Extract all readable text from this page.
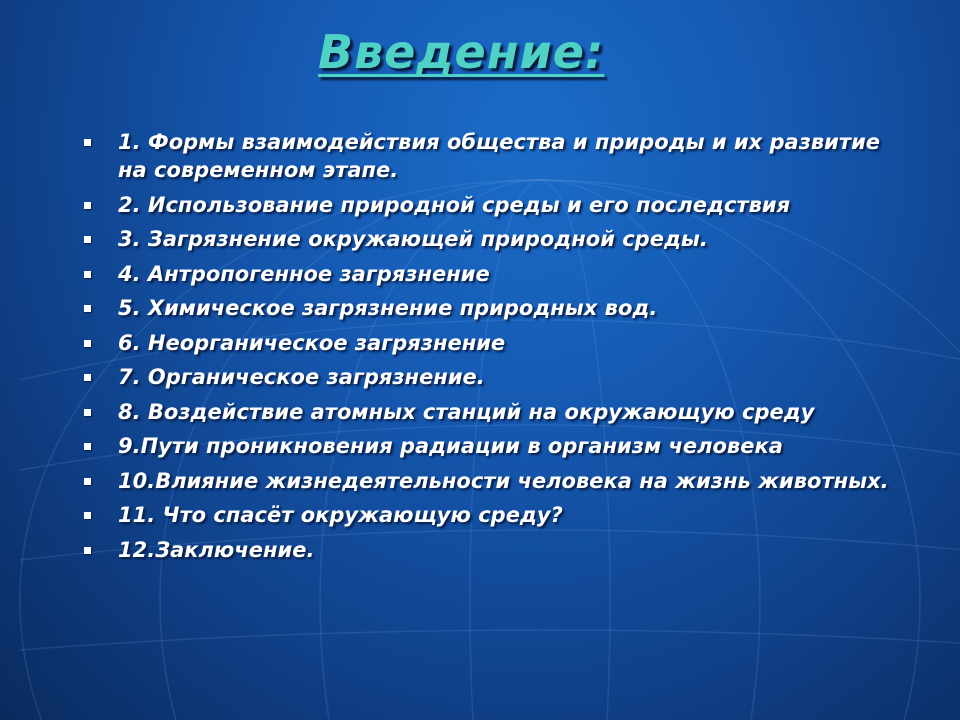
Введение:
1. Формы взаимодействия общества и природы и их развитие на современном этапе.
2. Использование природной среды и его последствия
3. Загрязнение окружающей природной среды.
4. Антропогенное загрязнение
5. Химическое загрязнение природных вод.
6. Неорганическое загрязнение
7. Органическое загрязнение.
8. Воздействие атомных станций на окружающую среду
9.Пути проникновения радиации в организм человека
10.Влияние жизнедеятельности человека на жизнь животных.
11. Что спасёт окружающую среду?
12.Заключение.
